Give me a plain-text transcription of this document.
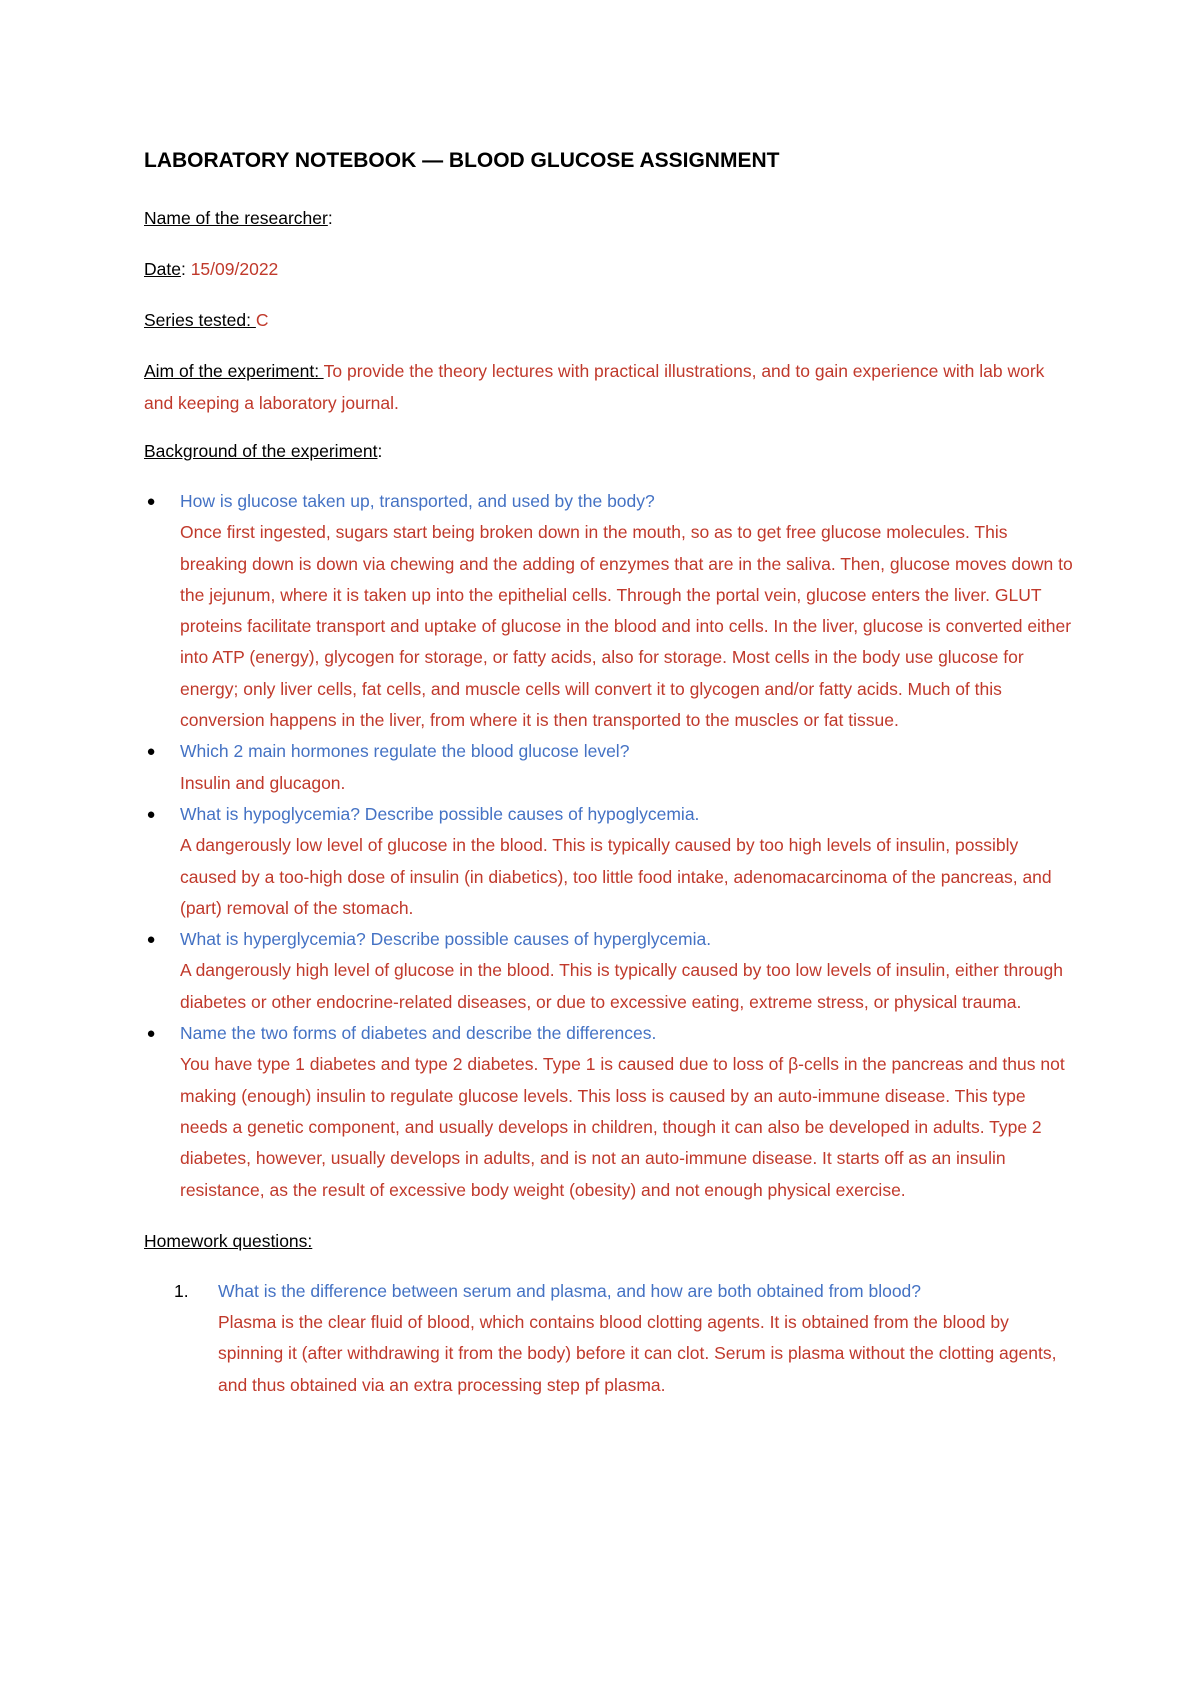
LABORATORY NOTEBOOK — BLOOD GLUCOSE ASSIGNMENT
Name of the researcher:
Date: 15/09/2022
Series tested: C
Aim of the experiment: To provide the theory lectures with practical illustrations, and to gain experience with lab work and keeping a laboratory journal.
Background of the experiment:
● How is glucose taken up, transported, and used by the body?
Once first ingested, sugars start being broken down in the mouth, so as to get free glucose molecules. This breaking down is down via chewing and the adding of enzymes that are in the saliva. Then, glucose moves down to the jejunum, where it is taken up into the epithelial cells. Through the portal vein, glucose enters the liver. GLUT proteins facilitate transport and uptake of glucose in the blood and into cells. In the liver, glucose is converted either into ATP (energy), glycogen for storage, or fatty acids, also for storage. Most cells in the body use glucose for energy; only liver cells, fat cells, and muscle cells will convert it to glycogen and/or fatty acids. Much of this conversion happens in the liver, from where it is then transported to the muscles or fat tissue.
● Which 2 main hormones regulate the blood glucose level?
Insulin and glucagon.
● What is hypoglycemia? Describe possible causes of hypoglycemia.
A dangerously low level of glucose in the blood. This is typically caused by too high levels of insulin, possibly caused by a too-high dose of insulin (in diabetics), too little food intake, adenomacarcinoma of the pancreas, and (part) removal of the stomach.
● What is hyperglycemia? Describe possible causes of hyperglycemia.
A dangerously high level of glucose in the blood. This is typically caused by too low levels of insulin, either through diabetes or other endocrine-related diseases, or due to excessive eating, extreme stress, or physical trauma.
● Name the two forms of diabetes and describe the differences.
You have type 1 diabetes and type 2 diabetes. Type 1 is caused due to loss of β-cells in the pancreas and thus not making (enough) insulin to regulate glucose levels. This loss is caused by an auto-immune disease. This type needs a genetic component, and usually develops in children, though it can also be developed in adults. Type 2 diabetes, however, usually develops in adults, and is not an auto-immune disease. It starts off as an insulin resistance, as the result of excessive body weight (obesity) and not enough physical exercise.
Homework questions:
1. What is the difference between serum and plasma, and how are both obtained from blood?
Plasma is the clear fluid of blood, which contains blood clotting agents. It is obtained from the blood by spinning it (after withdrawing it from the body) before it can clot. Serum is plasma without the clotting agents, and thus obtained via an extra processing step pf plasma.
